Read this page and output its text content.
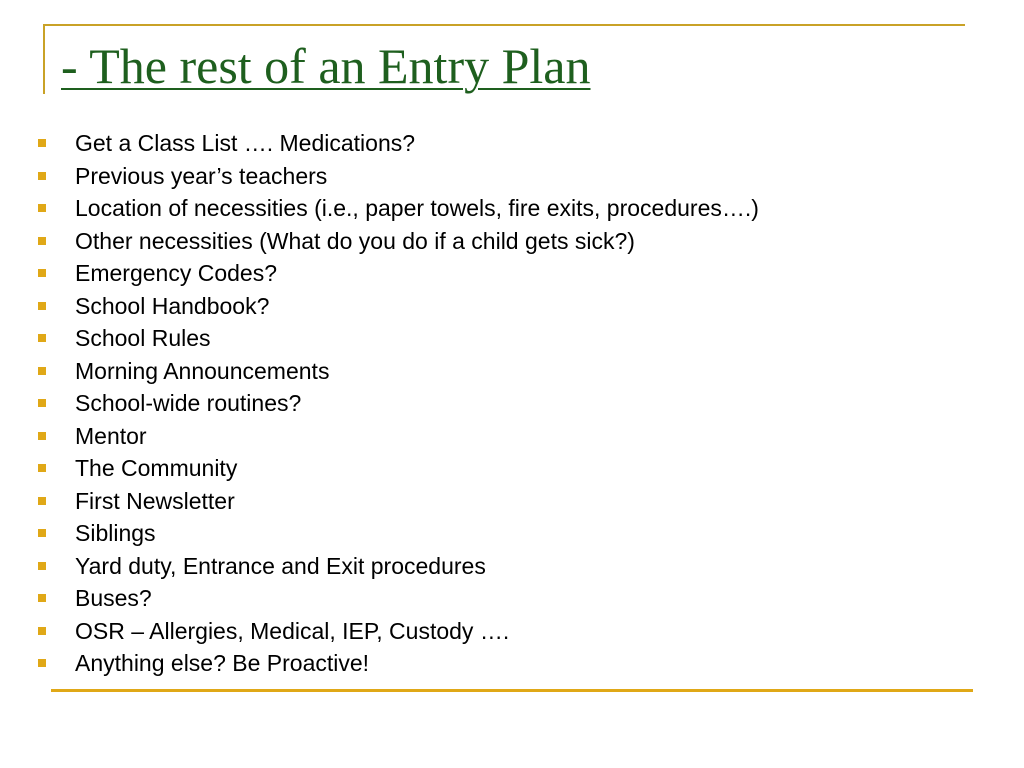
- The rest of an Entry Plan
Get a Class List …. Medications?
Previous year’s teachers
Location of necessities (i.e., paper towels, fire exits, procedures….)
Other necessities (What do you do if a child gets sick?)
Emergency Codes?
School Handbook?
School Rules
Morning Announcements
School-wide routines?
Mentor
The Community
First Newsletter
Siblings
Yard duty, Entrance and Exit procedures
Buses?
OSR – Allergies, Medical, IEP, Custody ….
Anything else? Be Proactive!
